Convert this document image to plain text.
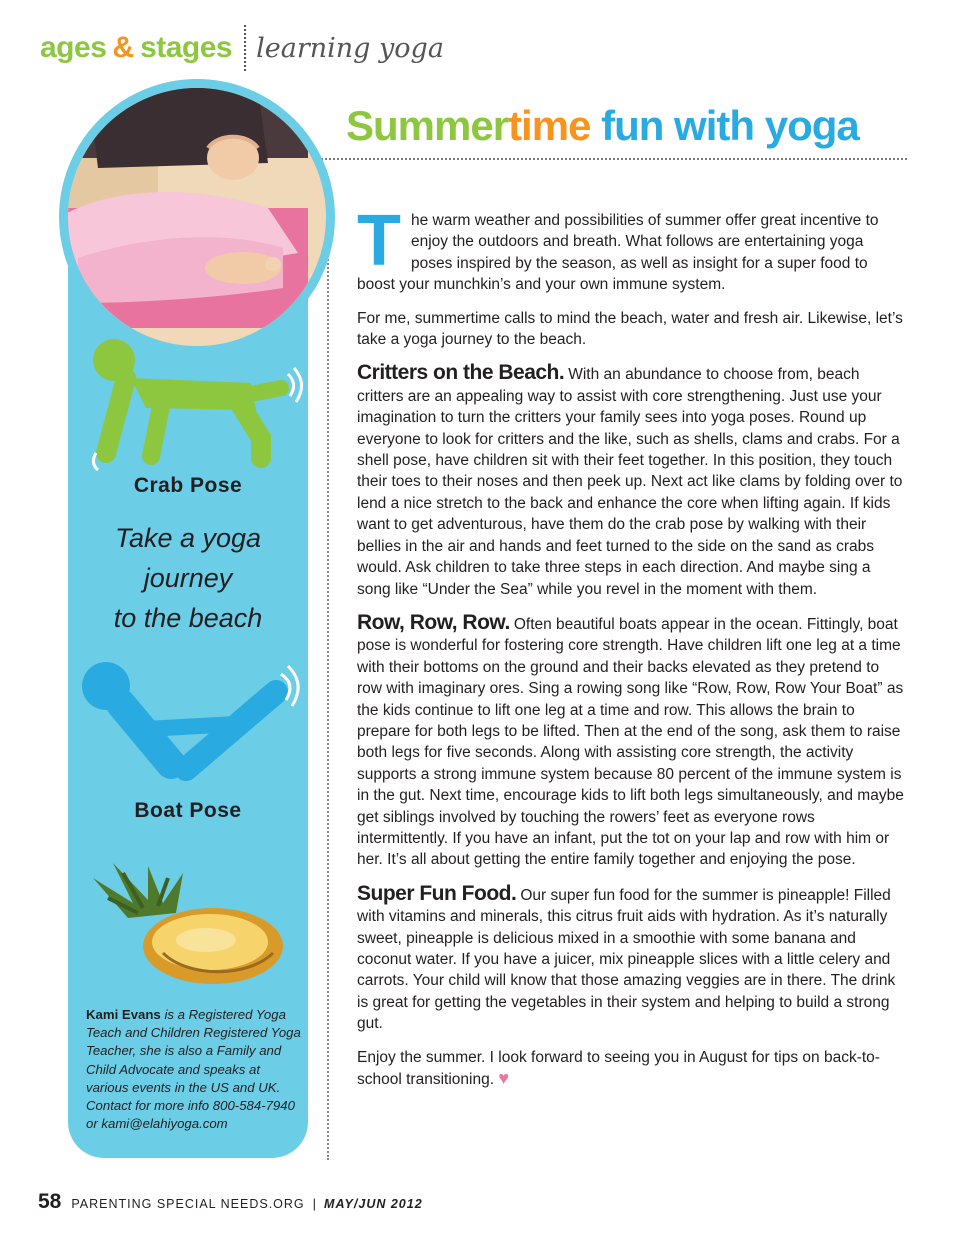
ages & stages learning yoga
Summertime fun with yoga
Crab Pose
Take a yoga
journey
to the beach
Boat Pose
Kami Evans is a Registered Yoga Teach and Children Registered Yoga Teacher, she is also a Family and Child Advocate and speaks at various events in the US and UK. Contact for more info 800-584-7940 or kami@elahiyoga.com

The warm weather and possibilities of summer offer great incentive to enjoy the outdoors and breath. What follows are entertaining yoga poses inspired by the season, as well as insight for a super food to boost your munchkin’s and your own immune system.

For me, summertime calls to mind the beach, water and fresh air. Likewise, let’s take a yoga journey to the beach.

Critters on the Beach. With an abundance to choose from, beach critters are an appealing way to assist with core strengthening. Just use your imagination to turn the critters your family sees into yoga poses. Round up everyone to look for critters and the like, such as shells, clams and crabs. For a shell pose, have children sit with their feet together. In this position, they touch their toes to their noses and then peek up. Next act like clams by folding over to lend a nice stretch to the back and enhance the core when lifting again. If kids want to get adventurous, have them do the crab pose by walking with their bellies in the air and hands and feet turned to the side on the sand as crabs would. Ask children to take three steps in each direction. And maybe sing a song like “Under the Sea” while you revel in the moment with them.

Row, Row, Row. Often beautiful boats appear in the ocean. Fittingly, boat pose is wonderful for fostering core strength. Have children lift one leg at a time with their bottoms on the ground and their backs elevated as they pretend to row with imaginary ores. Sing a rowing song like “Row, Row, Row Your Boat” as the kids continue to lift one leg at a time and row. This allows the brain to prepare for both legs to be lifted. Then at the end of the song, ask them to raise both legs for five seconds. Along with assisting core strength, the activity supports a strong immune system because 80 percent of the immune system is in the gut. Next time, encourage kids to lift both legs simultaneously, and maybe get siblings involved by touching the rowers’ feet as everyone rows intermittently. If you have an infant, put the tot on your lap and row with him or her. It’s all about getting the entire family together and enjoying the pose.

Super Fun Food. Our super fun food for the summer is pineapple! Filled with vitamins and minerals, this citrus fruit aids with hydration. As it’s naturally sweet, pineapple is delicious mixed in a smoothie with some banana and coconut water. If you have a juicer, mix pineapple slices with a little celery and carrots. Your child will know that those amazing veggies are in there. The drink is great for getting the vegetables in their system and helping to build a strong gut.

Enjoy the summer. I look forward to seeing you in August for tips on back-to-school transitioning. ♥

58 PARENTING SPECIAL NEEDS.ORG | MAY/JUN 2012
